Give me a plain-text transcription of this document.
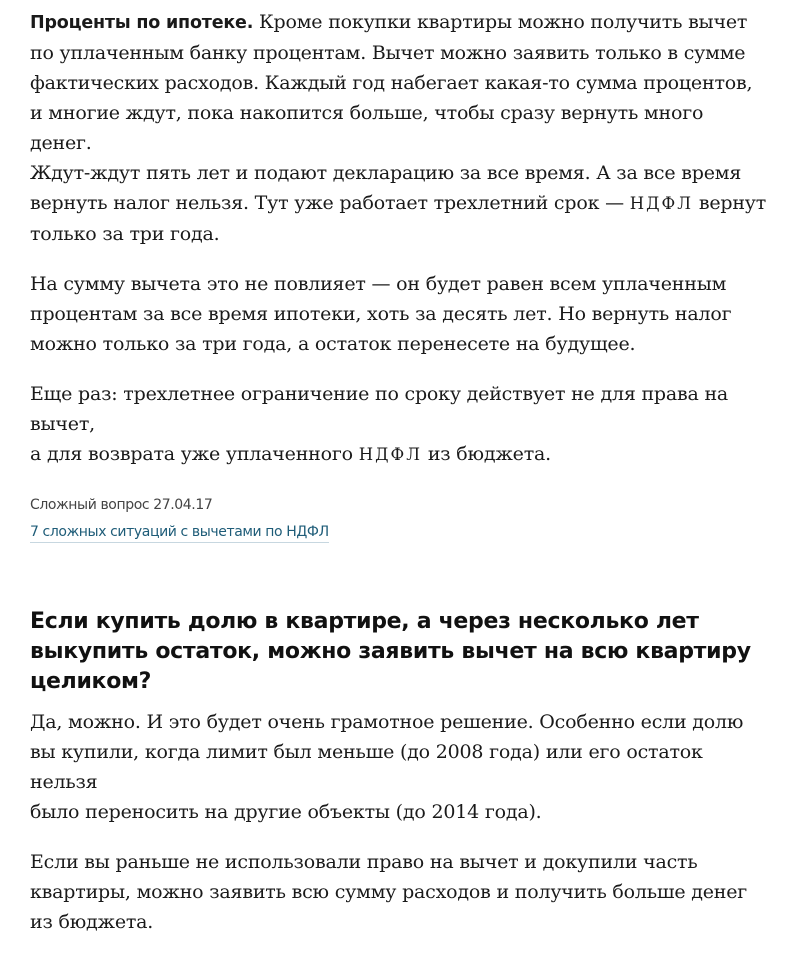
Проценты по ипотеке. Кроме покупки квартиры можно получить вычет
по уплаченным банку процентам. Вычет можно заявить только в сумме
фактических расходов. Каждый год набегает какая-то сумма процентов,
и многие ждут, пока накопится больше, чтобы сразу вернуть много денег.
Ждут-ждут пять лет и подают декларацию за все время. А за все время
вернуть налог нельзя. Тут уже работает трехлетний срок — НДФЛ вернут
только за три года.

На сумму вычета это не повлияет — он будет равен всем уплаченным
процентам за все время ипотеки, хоть за десять лет. Но вернуть налог
можно только за три года, а остаток перенесете на будущее.

Еще раз: трехлетнее ограничение по сроку действует не для права на вычет,
а для возврата уже уплаченного НДФЛ из бюджета.

Сложный вопрос 27.04.17
7 сложных ситуаций с вычетами по НДФЛ
Если купить долю в квартире, а через несколько лет
выкупить остаток, можно заявить вычет на всю квартиру
целиком?

Да, можно. И это будет очень грамотное решение. Особенно если долю
вы купили, когда лимит был меньше (до 2008 года) или его остаток нельзя
было переносить на другие объекты (до 2014 года).

Если вы раньше не использовали право на вычет и докупили часть
квартиры, можно заявить всю сумму расходов и получить больше денег
из бюджета.
